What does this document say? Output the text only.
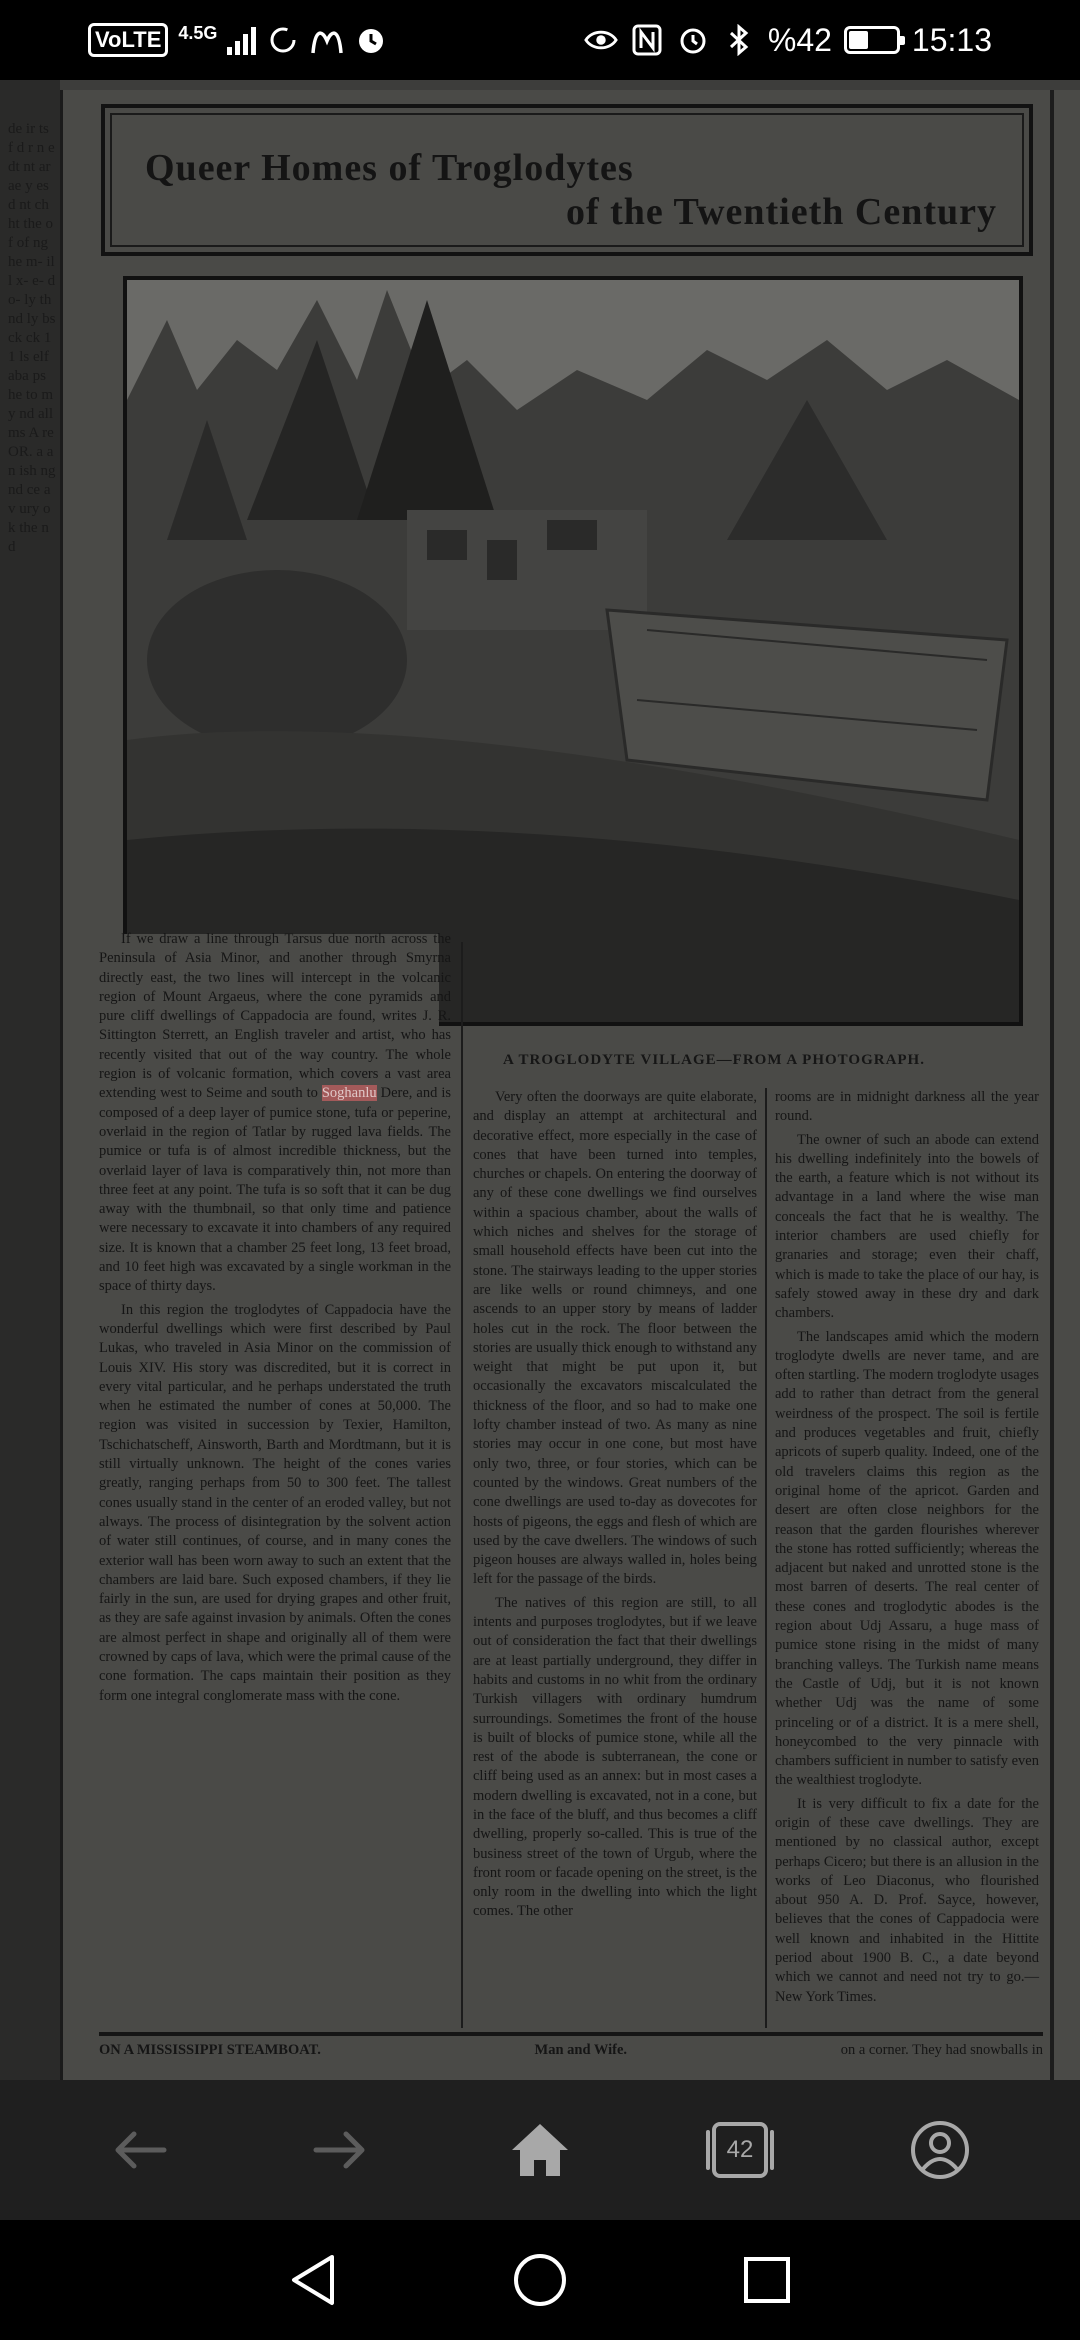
VoLTE 4.5G	%42	15:13
de ir ts f d r n e dt nt ar ae y es d nt ch ht the of of ng he m- ill x- e- d o- ly th nd ly bs ck ck 11 ls elf aba ps he to my nd all ms A re OR. a an ish ng nd ce av ury ok the nd
Queer Homes of Troglodytes
of the Twentieth Century
A TROGLODYTE VILLAGE—FROM A PHOTOGRAPH.

If we draw a line through Tarsus due north across the Peninsula of Asia Minor, and another through Smyrna directly east, the two lines will intercept in the volcanic region of Mount Argaeus, where the cone pyramids and pure cliff dwellings of Cappadocia are found, writes J. R. Sittington Sterrett, an English traveler and artist, who has recently visited that out of the way country. The whole region is of volcanic formation, which covers a vast area extending west to Seime and south to Soghanlu Dere, and is composed of a deep layer of pumice stone, tufa or peperine, overlaid in the region of Tatlar by rugged lava fields. The pumice or tufa is of almost incredible thickness, but the overlaid layer of lava is comparatively thin, not more than three feet at any point. The tufa is so soft that it can be dug away with the thumbnail, so that only time and patience were necessary to excavate it into chambers of any required size. It is known that a chamber 25 feet long, 13 feet broad, and 10 feet high was excavated by a single workman in the space of thirty days.

In this region the troglodytes of Cappadocia have the wonderful dwellings which were first described by Paul Lukas, who traveled in Asia Minor on the commission of Louis XIV. His story was discredited, but it is correct in every vital particular, and he perhaps understated the truth when he estimated the number of cones at 50,000. The region was visited in succession by Texier, Hamilton, Tschichatscheff, Ainsworth, Barth and Mordtmann, but it is still virtually unknown. The height of the cones varies greatly, ranging perhaps from 50 to 300 feet. The tallest cones usually stand in the center of an eroded valley, but not always. The process of disintegration by the solvent action of water still continues, of course, and in many cones the exterior wall has been worn away to such an extent that the chambers are laid bare. Such exposed chambers, if they lie fairly in the sun, are used for drying grapes and other fruit, as they are safe against invasion by animals. Often the cones are almost perfect in shape and originally all of them were crowned by caps of lava, which were the primal cause of the cone formation. The caps maintain their position as they form one integral conglomerate mass with the cone.

Very often the doorways are quite elaborate, and display an attempt at architectural and decorative effect, more especially in the case of cones that have been turned into temples, churches or chapels. On entering the doorway of any of these cone dwellings we find ourselves within a spacious chamber, about the walls of which niches and shelves for the storage of small household effects have been cut into the stone. The stairways leading to the upper stories are like wells or round chimneys, and one ascends to an upper story by means of ladder holes cut in the rock. The floor between the stories are usually thick enough to withstand any weight that might be put upon it, but occasionally the excavators miscalculated the thickness of the floor, and so had to make one lofty chamber instead of two. As many as nine stories may occur in one cone, but most have only two, three, or four stories, which can be counted by the windows. Great numbers of the cone dwellings are used to-day as dovecotes for hosts of pigeons, the eggs and flesh of which are used by the cave dwellers. The windows of such pigeon houses are always walled in, holes being left for the passage of the birds.

The natives of this region are still, to all intents and purposes troglodytes, but if we leave out of consideration the fact that their dwellings are at least partially underground, they differ in habits and customs in no whit from the ordinary Turkish villagers with ordinary humdrum surroundings. Sometimes the front of the house is built of blocks of pumice stone, while all the rest of the abode is subterranean, the cone or cliff being used as an annex: but in most cases a modern dwelling is excavated, not in a cone, but in the face of the bluff, and thus becomes a cliff dwelling, properly so-called. This is true of the business street of the town of Urgub, where the front room or facade opening on the street, is the only room in the dwelling into which the light comes. The other

rooms are in midnight darkness all the year round.

The owner of such an abode can extend his dwelling indefinitely into the bowels of the earth, a feature which is not without its advantage in a land where the wise man conceals the fact that he is wealthy. The interior chambers are used chiefly for granaries and storage; even their chaff, which is made to take the place of our hay, is safely stowed away in these dry and dark chambers.

The landscapes amid which the modern troglodyte dwells are never tame, and are often startling. The modern troglodyte usages add to rather than detract from the general weirdness of the prospect. The soil is fertile and produces vegetables and fruit, chiefly apricots of superb quality. Indeed, one of the old travelers claims this region as the original home of the apricot. Garden and desert are often close neighbors for the reason that the garden flourishes wherever the stone has rotted sufficiently; whereas the adjacent but naked and unrotted stone is the most barren of deserts. The real center of these cones and troglodytic abodes is the region about Udj Assaru, a huge mass of pumice stone rising in the midst of many branching valleys. The Turkish name means the Castle of Udj, but it is not known whether Udj was the name of some princeling or of a district. It is a mere shell, honeycombed to the very pinnacle with chambers sufficient in number to satisfy even the wealthiest troglodyte.

It is very difficult to fix a date for the origin of these cave dwellings. They are mentioned by no classical author, except perhaps Cicero; but there is an allusion in the works of Leo Diaconus, who flourished about 950 A. D. Prof. Sayce, however, believes that the cones of Cappadocia were well known and inhabited in the Hittite period about 1900 B. C., a date beyond which we cannot and need not try to go.—New York Times.

ON A MISSISSIPPI STEAMBOAT.	Man and Wife.	on a corner. They had snowballs in
42
